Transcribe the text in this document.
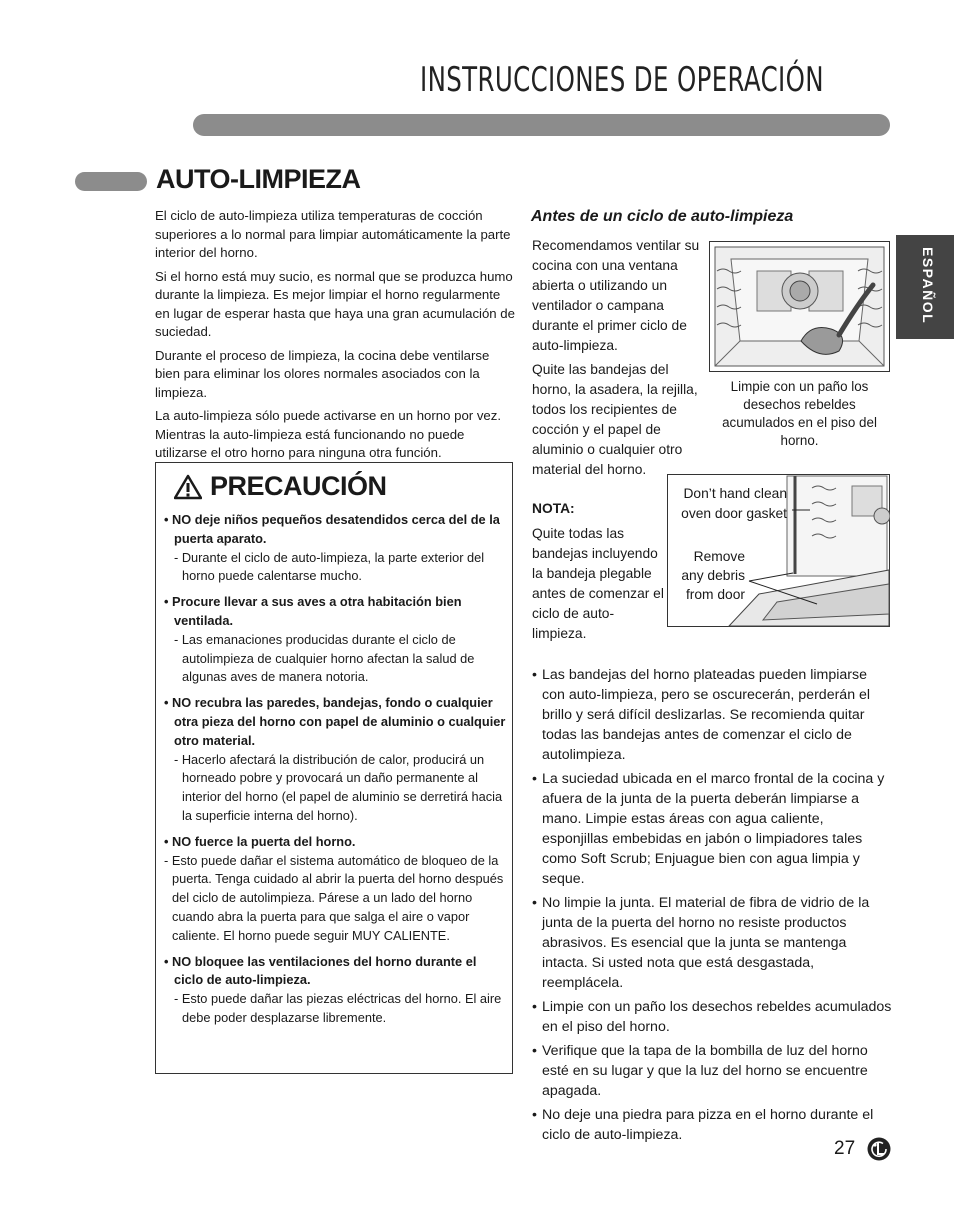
INSTRUCCIONES DE OPERACIÓN
AUTO-LIMPIEZA
ESPAÑOL

El ciclo de auto-limpieza utiliza temperaturas de cocción superiores a lo normal para limpiar automáticamente la parte interior del horno.

Si el horno está muy sucio, es normal que se produzca humo durante la limpieza. Es mejor limpiar el horno regularmente en lugar de esperar hasta que haya una gran acumulación de suciedad.

Durante el proceso de limpieza, la cocina debe ventilarse bien para eliminar los olores normales asociados con la limpieza.

La auto-limpieza sólo puede activarse en un horno por vez. Mientras la auto-limpieza está funcionando no puede utilizarse el otro horno para ninguna otra función.

PRECAUCIÓN
• NO deje niños pequeños desatendidos cerca del de la puerta aparato.
- Durante el ciclo de auto-limpieza, la parte exterior del horno puede calentarse mucho.
• Procure llevar a sus aves a otra habitación bien ventilada.
- Las emanaciones producidas durante el ciclo de autolimpieza de cualquier horno afectan la salud de algunas aves de manera notoria.
• NO recubra las paredes, bandejas, fondo o cualquier otra pieza del horno con papel de aluminio o cualquier otro material.
- Hacerlo afectará la distribución de calor, producirá un horneado pobre y provocará un daño permanente al interior del horno (el papel de aluminio se derretirá hacia la superficie interna del horno).
• NO fuerce la puerta del horno.
- Esto puede dañar el sistema automático de bloqueo de la puerta. Tenga cuidado al abrir la puerta del horno después del ciclo de autolimpieza. Párese a un lado del horno cuando abra la puerta para que salga el aire o vapor caliente. El horno puede seguir MUY CALIENTE.
• NO bloquee las ventilaciones del horno durante el ciclo de auto-limpieza.
- Esto puede dañar las piezas eléctricas del horno. El aire debe poder desplazarse libremente.
Antes de un ciclo de auto-limpieza

Recomendamos ventilar su cocina con una ventana abierta o utilizando un ventilador o campana durante el primer ciclo de auto-limpieza.

Quite las bandejas del horno, la asadera, la rejilla, todos los recipientes de cocción y el papel de aluminio o cualquier otro material del horno.

NOTA:
Quite todas las bandejas incluyendo la bandeja plegable antes de comenzar el ciclo de auto-limpieza.
Limpie con un paño los desechos rebeldes acumulados en el piso del horno.
Don’t hand clean oven door gasket
Remove any debris from door
• Las bandejas del horno plateadas pueden limpiarse con auto-limpieza, pero se oscurecerán, perderán el brillo y será difícil deslizarlas. Se recomienda quitar todas las bandejas antes de comenzar el ciclo de autolimpieza.
• La suciedad ubicada en el marco frontal de la cocina y afuera de la junta de la puerta deberán limpiarse a mano. Limpie estas áreas con agua caliente, esponjillas embebidas en jabón o limpiadores tales como Soft Scrub; Enjuague bien con agua limpia y seque.
• No limpie la junta. El material de fibra de vidrio de la junta de la puerta del horno no resiste productos abrasivos. Es esencial que la junta se mantenga intacta. Si usted nota que está desgastada, reemplácela.
• Limpie con un paño los desechos rebeldes acumulados en el piso del horno.
• Verifique que la tapa de la bombilla de luz del horno esté en su lugar y que la luz del horno se encuentre apagada.
• No deje una piedra para pizza en el horno durante el ciclo de auto-limpieza.
27
